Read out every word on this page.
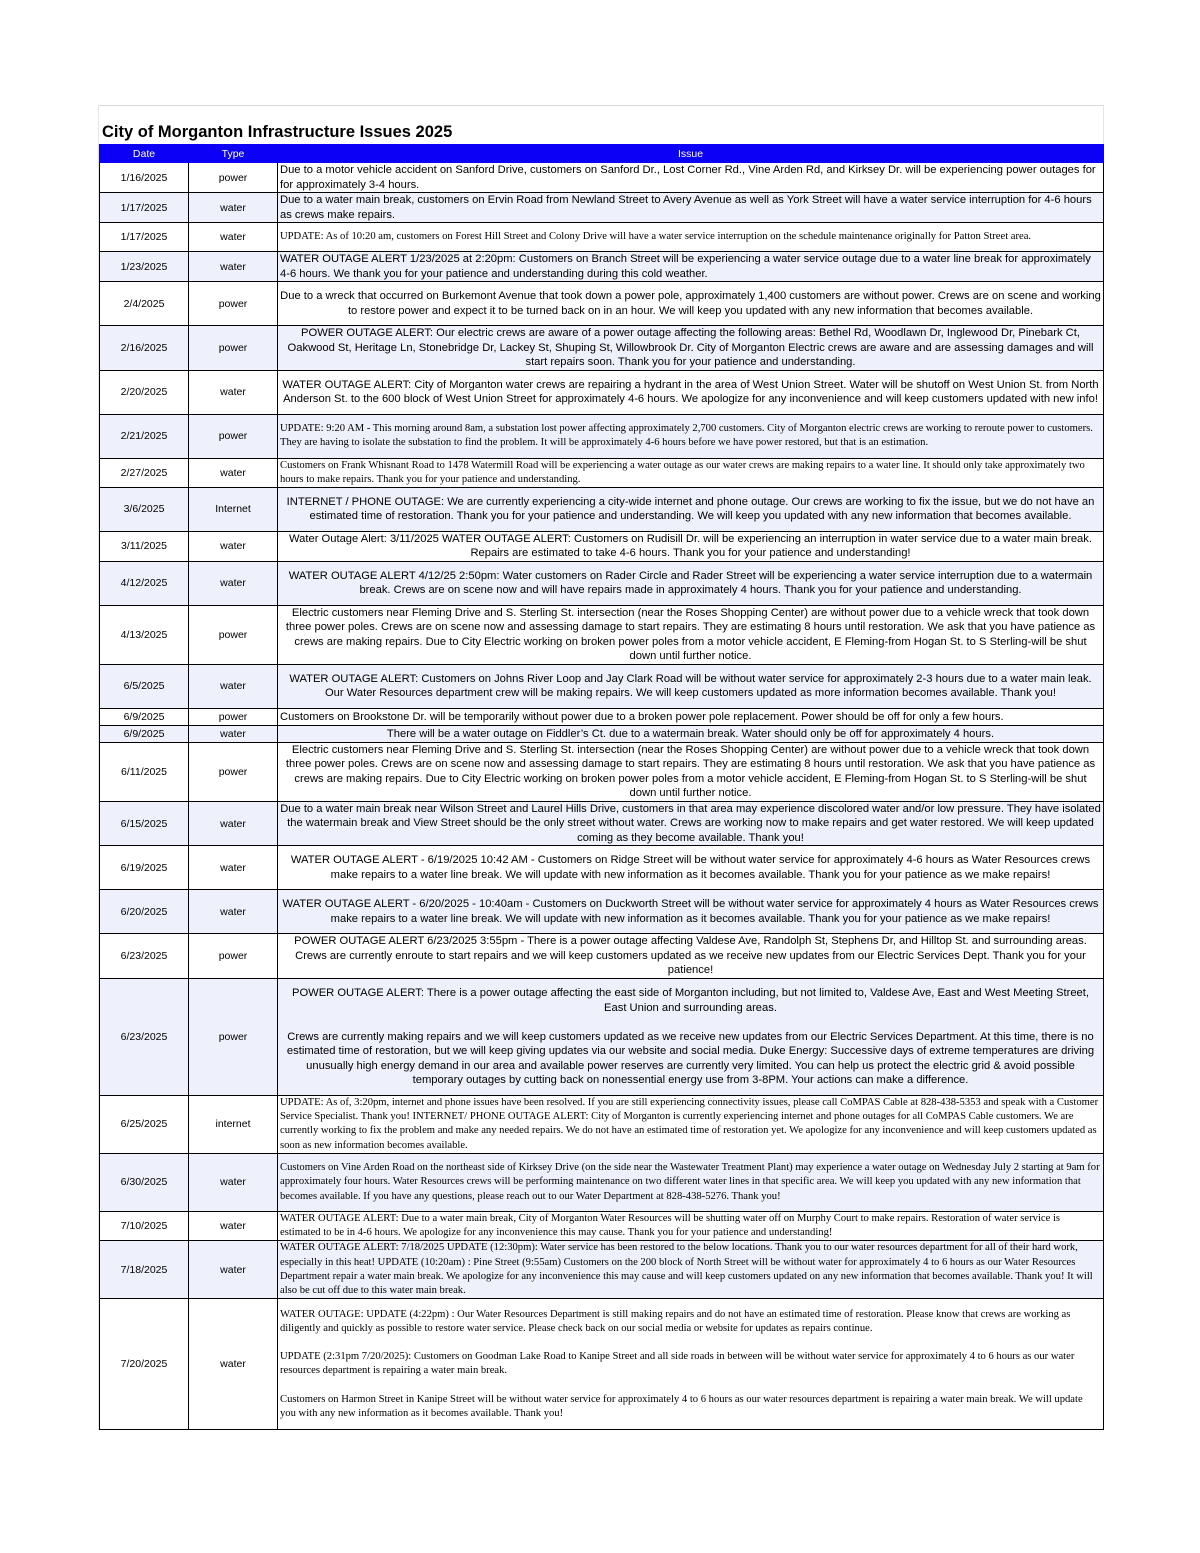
City of Morganton Infrastructure Issues 2025
Date	Type	Issue
1/16/2025	power	Due to a motor vehicle accident on Sanford Drive, customers on Sanford Dr., Lost Corner Rd., Vine Arden Rd, and Kirksey Dr. will be experiencing power outages for for approximately 3-4 hours.
1/17/2025	water	Due to a water main break, customers on Ervin Road from Newland Street to Avery Avenue as well as York Street will have a water service interruption for 4-6 hours as crews make repairs.
1/17/2025	water	UPDATE: As of 10:20 am, customers on Forest Hill Street and Colony Drive will have a water service interruption on the schedule maintenance originally for Patton Street area.
1/23/2025	water	WATER OUTAGE ALERT 1/23/2025 at 2:20pm: Customers on Branch Street will be experiencing a water service outage due to a water line break for approximately 4-6 hours. We thank you for your patience and understanding during this cold weather.
2/4/2025	power	Due to a wreck that occurred on Burkemont Avenue that took down a power pole, approximately 1,400 customers are without power. Crews are on scene and working to restore power and expect it to be turned back on in an hour. We will keep you updated with any new information that becomes available.
2/16/2025	power	POWER OUTAGE ALERT: Our electric crews are aware of a power outage affecting the following areas: Bethel Rd, Woodlawn Dr, Inglewood Dr, Pinebark Ct, Oakwood St, Heritage Ln, Stonebridge Dr, Lackey St, Shuping St, Willowbrook Dr. City of Morganton Electric crews are aware and are assessing damages and will start repairs soon. Thank you for your patience and understanding.
2/20/2025	water	WATER OUTAGE ALERT: City of Morganton water crews are repairing a hydrant in the area of West Union Street. Water will be shutoff on West Union St. from North Anderson St. to the 600 block of West Union Street for approximately 4-6 hours. We apologize for any inconvenience and will keep customers updated with new info!
2/21/2025	power	UPDATE: 9:20 AM - This morning around 8am, a substation lost power affecting approximately 2,700 customers. City of Morganton electric crews are working to reroute power to customers. They are having to isolate the substation to find the problem. It will be approximately 4-6 hours before we have power restored, but that is an estimation.
2/27/2025	water	Customers on Frank Whisnant Road to 1478 Watermill Road will be experiencing a water outage as our water crews are making repairs to a water line. It should only take approximately two hours to make repairs. Thank you for your patience and understanding.
3/6/2025	Internet	INTERNET / PHONE OUTAGE: We are currently experiencing a city-wide internet and phone outage. Our crews are working to fix the issue, but we do not have an estimated time of restoration. Thank you for your patience and understanding. We will keep you updated with any new information that becomes available.
3/11/2025	water	Water Outage Alert: 3/11/2025 WATER OUTAGE ALERT: Customers on Rudisill Dr. will be experiencing an interruption in water service due to a water main break. Repairs are estimated to take 4-6 hours. Thank you for your patience and understanding!
4/12/2025	water	WATER OUTAGE ALERT 4/12/25 2:50pm: Water customers on Rader Circle and Rader Street will be experiencing a water service interruption due to a watermain break. Crews are on scene now and will have repairs made in approximately 4 hours. Thank you for your patience and understanding.
4/13/2025	power	Electric customers near Fleming Drive and S. Sterling St. intersection (near the Roses Shopping Center) are without power due to a vehicle wreck that took down three power poles. Crews are on scene now and assessing damage to start repairs. They are estimating 8 hours until restoration. We ask that you have patience as crews are making repairs. Due to City Electric working on broken power poles from a motor vehicle accident, E Fleming-from Hogan St. to S Sterling-will be shut down until further notice.
6/5/2025	water	WATER OUTAGE ALERT: Customers on Johns River Loop and Jay Clark Road will be without water service for approximately 2-3 hours due to a water main leak. Our Water Resources department crew will be making repairs. We will keep customers updated as more information becomes available. Thank you!
6/9/2025	power	Customers on Brookstone Dr. will be temporarily without power due to a broken power pole replacement. Power should be off for only a few hours.
6/9/2025	water	There will be a water outage on Fiddler’s Ct. due to a watermain break. Water should only be off for approximately 4 hours.
6/11/2025	power	Electric customers near Fleming Drive and S. Sterling St. intersection (near the Roses Shopping Center) are without power due to a vehicle wreck that took down three power poles. Crews are on scene now and assessing damage to start repairs. They are estimating 8 hours until restoration. We ask that you have patience as crews are making repairs. Due to City Electric working on broken power poles from a motor vehicle accident, E Fleming-from Hogan St. to S Sterling-will be shut down until further notice.
6/15/2025	water	Due to a water main break near Wilson Street and Laurel Hills Drive, customers in that area may experience discolored water and/or low pressure. They have isolated the watermain break and View Street should be the only street without water. Crews are working now to make repairs and get water restored. We will keep updated coming as they become available. Thank you!
6/19/2025	water	WATER OUTAGE ALERT - 6/19/2025 10:42 AM - Customers on Ridge Street will be without water service for approximately 4-6 hours as Water Resources crews make repairs to a water line break. We will update with new information as it becomes available. Thank you for your patience as we make repairs!
6/20/2025	water	WATER OUTAGE ALERT - 6/20/2025 - 10:40am - Customers on Duckworth Street will be without water service for approximately 4 hours as Water Resources crews make repairs to a water line break. We will update with new information as it becomes available. Thank you for your patience as we make repairs!
6/23/2025	power	POWER OUTAGE ALERT 6/23/2025 3:55pm - There is a power outage affecting Valdese Ave, Randolph St, Stephens Dr, and Hilltop St. and surrounding areas. Crews are currently enroute to start repairs and we will keep customers updated as we receive new updates from our Electric Services Dept. Thank you for your patience!
6/23/2025	power	POWER OUTAGE ALERT: There is a power outage affecting the east side of Morganton including, but not limited to, Valdese Ave, East and West Meeting Street, East Union and surrounding areas.

Crews are currently making repairs and we will keep customers updated as we receive new updates from our Electric Services Department. At this time, there is no estimated time of restoration, but we will keep giving updates via our website and social media. Duke Energy: Successive days of extreme temperatures are driving unusually high energy demand in our area and available power reserves are currently very limited. You can help us protect the electric grid & avoid possible temporary outages by cutting back on nonessential energy use from 3-8PM. Your actions can make a difference.
6/25/2025	internet	UPDATE: As of, 3:20pm, internet and phone issues have been resolved. If you are still experiencing connectivity issues, please call CoMPAS Cable at 828-438-5353 and speak with a Customer Service Specialist. Thank you! INTERNET/ PHONE OUTAGE ALERT: City of Morganton is currently experiencing internet and phone outages for all CoMPAS Cable customers. We are currently working to fix the problem and make any needed repairs. We do not have an estimated time of restoration yet. We apologize for any inconvenience and will keep customers updated as soon as new information becomes available.
6/30/2025	water	Customers on Vine Arden Road on the northeast side of Kirksey Drive (on the side near the Wastewater Treatment Plant) may experience a water outage on Wednesday July 2 starting at 9am for approximately four hours. Water Resources crews will be performing maintenance on two different water lines in that specific area. We will keep you updated with any new information that becomes available. If you have any questions, please reach out to our Water Department at 828-438-5276. Thank you!
7/10/2025	water	WATER OUTAGE ALERT: Due to a water main break, City of Morganton Water Resources will be shutting water off on Murphy Court to make repairs. Restoration of water service is estimated to be in 4-6 hours. We apologize for any inconvenience this may cause. Thank you for your patience and understanding!
7/18/2025	water	WATER OUTAGE ALERT: 7/18/2025 UPDATE (12:30pm): Water service has been restored to the below locations. Thank you to our water resources department for all of their hard work, especially in this heat! UPDATE (10:20am) : Pine Street (9:55am) Customers on the 200 block of North Street will be without water for approximately 4 to 6 hours as our Water Resources Department repair a water main break. We apologize for any inconvenience this may cause and will keep customers updated on any new information that becomes available. Thank you! It will also be cut off due to this water main break.
7/20/2025	water	WATER OUTAGE: UPDATE (4:22pm) : Our Water Resources Department is still making repairs and do not have an estimated time of restoration. Please know that crews are working as diligently and quickly as possible to restore water service. Please check back on our social media or website for updates as repairs continue.

UPDATE (2:31pm 7/20/2025): Customers on Goodman Lake Road to Kanipe Street and all side roads in between will be without water service for approximately 4 to 6 hours as our water resources department is repairing a water main break.

Customers on Harmon Street in Kanipe Street will be without water service for approximately 4 to 6 hours as our water resources department is repairing a water main break. We will update you with any new information as it becomes available. Thank you!
